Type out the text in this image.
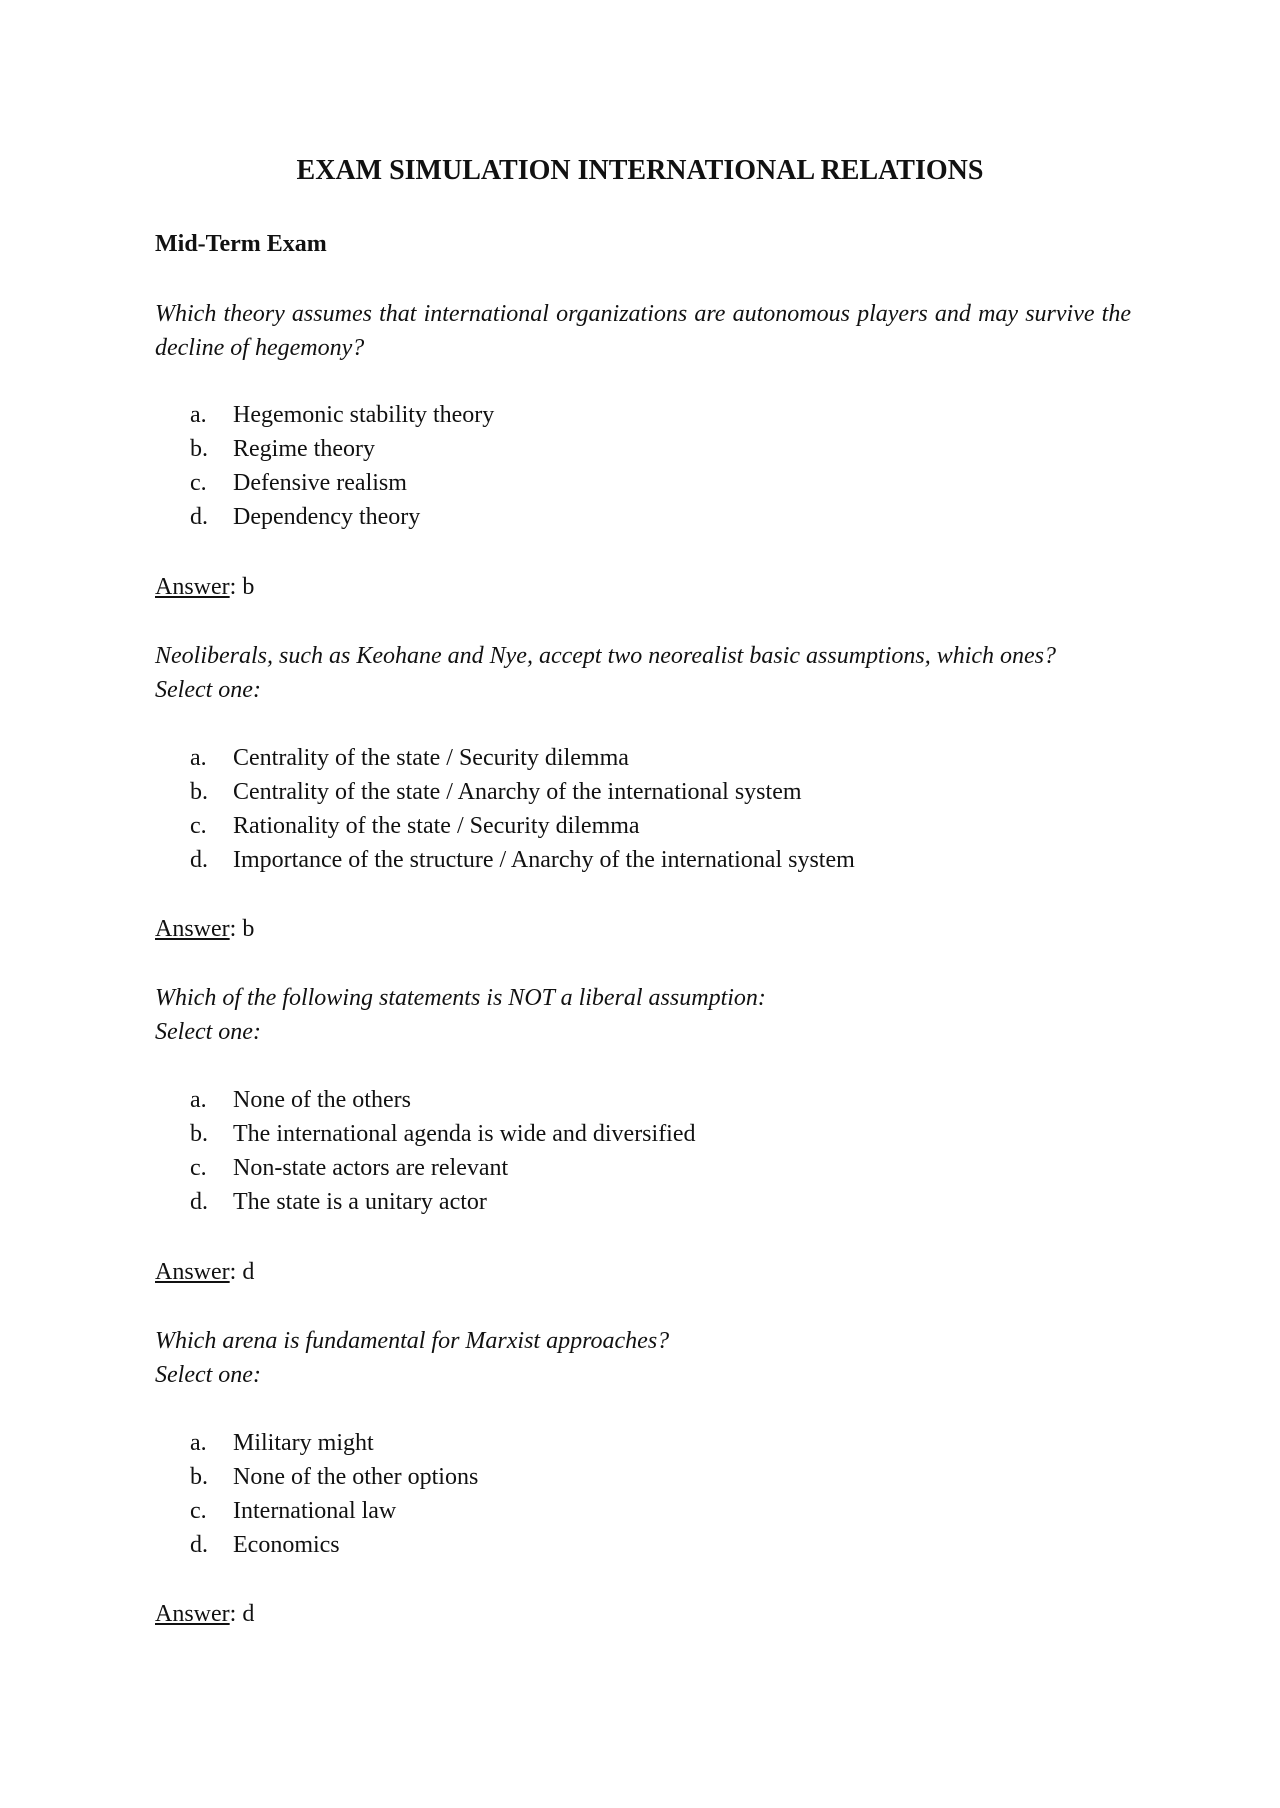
EXAM SIMULATION INTERNATIONAL RELATIONS
Mid-Term Exam
Which theory assumes that international organizations are autonomous players and may survive the decline of hegemony?
a. Hegemonic stability theory
b. Regime theory
c. Defensive realism
d. Dependency theory
Answer: b
Neoliberals, such as Keohane and Nye, accept two neorealist basic assumptions, which ones?
Select one:
a. Centrality of the state / Security dilemma
b. Centrality of the state / Anarchy of the international system
c. Rationality of the state / Security dilemma
d. Importance of the structure / Anarchy of the international system
Answer: b
Which of the following statements is NOT a liberal assumption:
Select one:
a. None of the others
b. The international agenda is wide and diversified
c. Non-state actors are relevant
d. The state is a unitary actor
Answer: d
Which arena is fundamental for Marxist approaches?
Select one:
a. Military might
b. None of the other options
c. International law
d. Economics
Answer: d
